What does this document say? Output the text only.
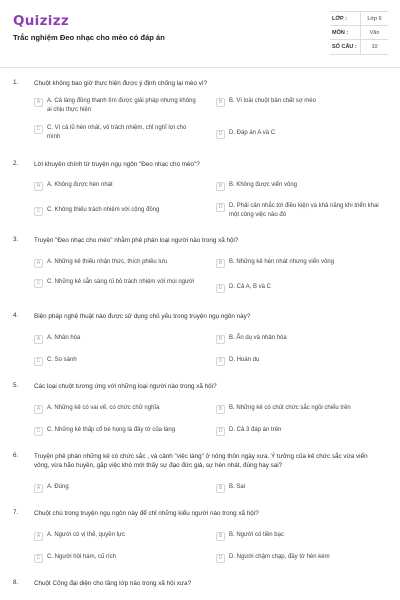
Quizizz
Trắc nghiệm Đeo nhạc cho mèo có đáp án
LỚP :	Lớp 6
MÔN :	Văn
SỐ CÂU :	10
1. Chuột không bao giờ thực hiện được ý định chống lại mèo vì?
A	A. Cả làng đồng thanh tìm được giải pháp nhưng không ai chịu thực hiện
B	B. Vì loài chuột bản chất sợ mèo
C	C. Vì cả lũ hèn nhát, vô trách nhiệm, chỉ nghĩ lợi cho mình	D	D. Đáp án A và C
2. Lời khuyên chính từ truyện ngụ ngôn "Đeo nhạc cho mèo"?
A	A. Không được hèn nhát	B	B. Không được viển vông
C	C. Không thiếu trách nhiệm với cộng đồng	D	D. Phải cân nhắc tới điều kiện và khả năng khi triển khai một công việc nào đó
3. Truyện "Đeo nhạc cho mèo" nhằm phê phán loại người nào trong xã hội?
A	A. Những kẻ thiếu nhận thức, thích phiêu lưu	B	B. Những kẻ hèn nhát nhưng viển vông
C	C. Những kẻ sẵn sàng rũ bỏ trách nhiệm với mọi người
D	D. Cả A, B và C
4. Biện pháp nghệ thuật nào được sử dụng chủ yếu trong truyện ngụ ngôn này?
A	A. Nhân hóa	B	B. Ẩn dụ và nhân hóa
C	C. So sánh	D	D. Hoán dụ
5. Các loại chuột tương ứng với những loại người nào trong xã hội?
A	A. Những kẻ có vai vế, có chức chữ nghĩa	B	B. Những kẻ có chút chức sắc ngồi chiếu trên
C	C. Những kẻ thấp cổ bé họng là đầy tớ của làng	D	D. Cả 3 đáp án trên
6. Truyện phê phán những kẻ có chức sắc , và cảnh "việc làng" ở nông thôn ngày xưa. Ý tưởng của kẻ chức sắc vừa viển vông, vừa hão huyền, gặp việc khó mới thấy sự đạo đức giả, sự hèn nhát, đúng hay sai?
A	A. Đúng	B	B. Sai
7. Chuột chù trong truyện ngụ ngôn này để chỉ những kiểu người nào trong xã hội?
A	A. Người có vị thế, quyền lực	B	B. Người có tiền bạc
C	C. Người hôi hám, cũ rích	D	D. Người chậm chạp, đầy tớ hèn kém
8. Chuột Cống đại diện cho tầng lớp nào trong xã hội xưa?
